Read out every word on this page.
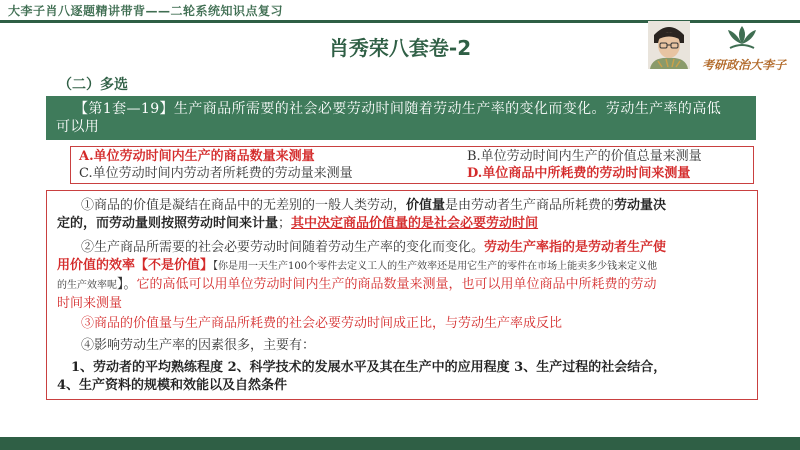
大李子肖八逐题精讲带背——二轮系统知识点复习
肖秀荣八套卷-2
考研政治大李子
（二）多选
【第1套—19】生产商品所需要的社会必要劳动时间随着劳动生产率的变化而变化。劳动生产率的高低
可以用
A.单位劳动时间内生产的商品数量来测量	B.单位劳动时间内生产的价值总量来测量
C.单位劳动时间内劳动者所耗费的劳动量来测量	D.单位商品中所耗费的劳动时间来测量
①商品的价值是凝结在商品中的无差别的一般人类劳动，价值量是由劳动者生产商品所耗费的劳动量决
定的，而劳动量则按照劳动时间来计量；其中决定商品价值量的是社会必要劳动时间
②生产商品所需要的社会必要劳动时间随着劳动生产率的变化而变化。劳动生产率指的是劳动者生产使
用价值的效率【不是价值】【你是用一天生产100个零件去定义工人的生产效率还是用它生产的零件在市场上能卖多少钱来定义他
的生产效率呢】。它的高低可以用单位劳动时间内生产的商品数量来测量，也可以用单位商品中所耗费的劳动
时间来测量
③商品的价值量与生产商品所耗费的社会必要劳动时间成正比，与劳动生产率成反比
④影响劳动生产率的因素很多，主要有：
1、劳动者的平均熟练程度 2、科学技术的发展水平及其在生产中的应用程度 3、生产过程的社会结合，
4、生产资料的规模和效能以及自然条件
